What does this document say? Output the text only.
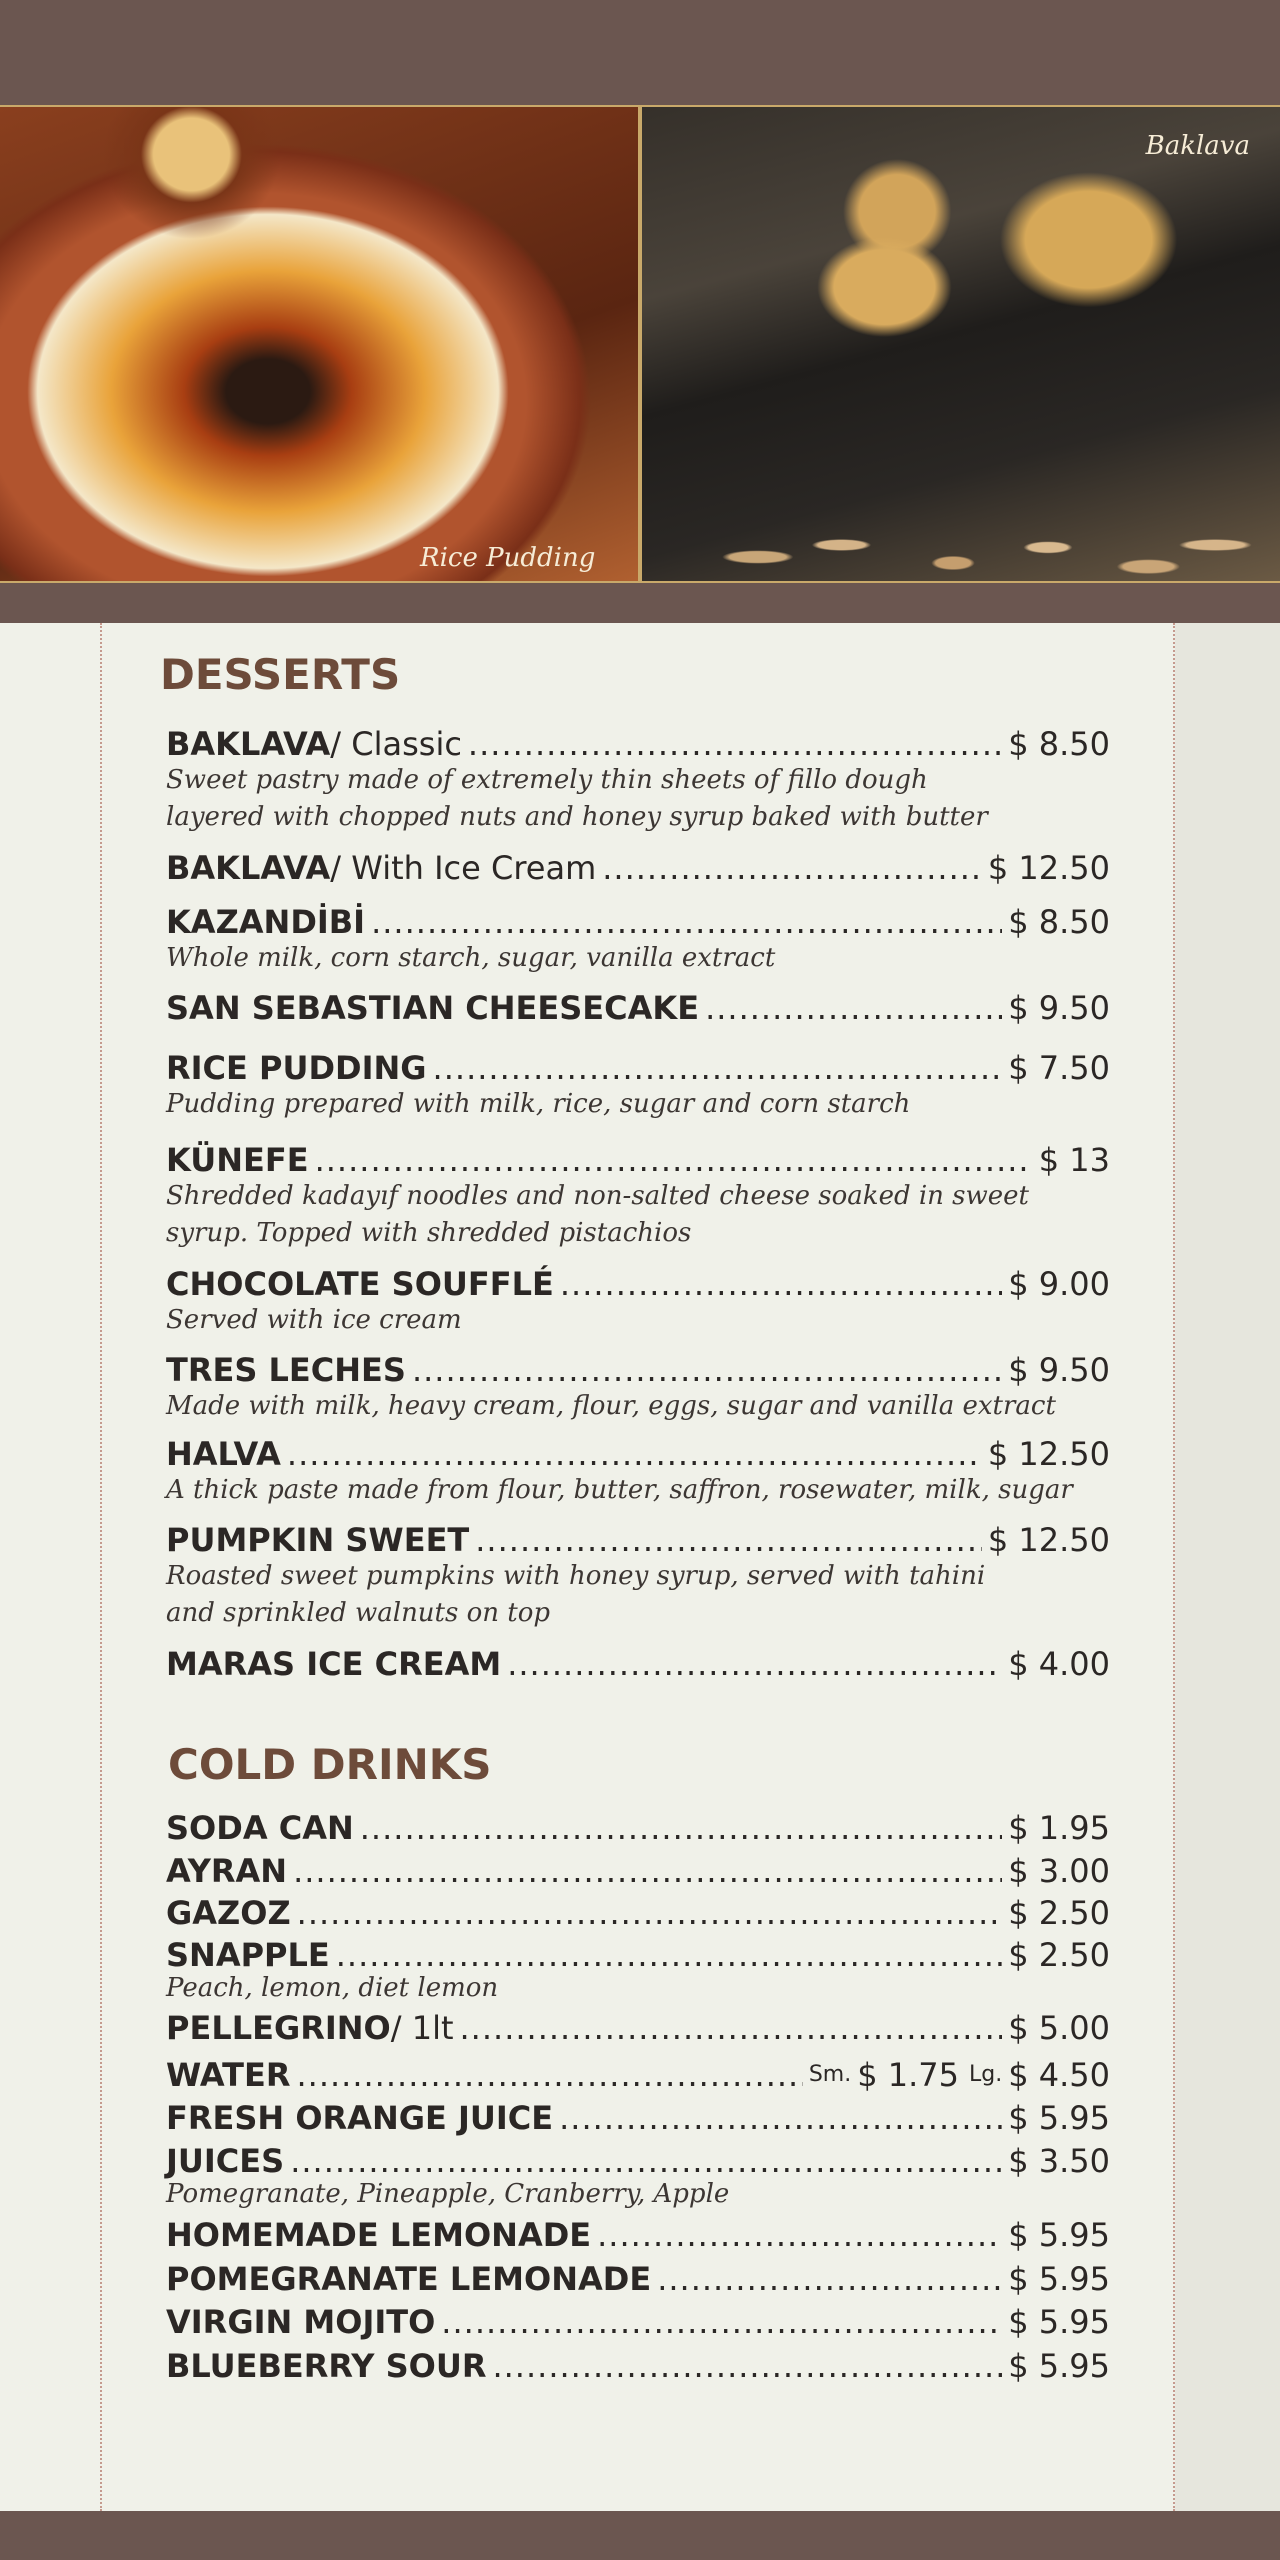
Rice Pudding
Baklava
DESSERTS
BAKLAVA / Classic .....	$ 8.50
Sweet pastry made of extremely thin sheets of fillo dough
layered with chopped nuts and honey syrup baked with butter
BAKLAVA / With Ice Cream .....	$ 12.50
KAZANDİBİ .....	$ 8.50
Whole milk, corn starch, sugar, vanilla extract
SAN SEBASTIAN CHEESECAKE .....	$ 9.50
RICE PUDDING .....	$ 7.50
Pudding prepared with milk, rice, sugar and corn starch
KÜNEFE .....	$ 13
Shredded kadayıf noodles and non-salted cheese soaked in sweet
syrup. Topped with shredded pistachios
CHOCOLATE SOUFFLÉ .....	$ 9.00
Served with ice cream
TRES LECHES .....	$ 9.50
Made with milk, heavy cream, flour, eggs, sugar and vanilla extract
HALVA .....	$ 12.50
A thick paste made from flour, butter, saffron, rosewater, milk, sugar
PUMPKIN SWEET .....	$ 12.50
Roasted sweet pumpkins with honey syrup, served with tahini
and sprinkled walnuts on top
MARAS ICE CREAM .....	$ 4.00
COLD DRINKS
SODA CAN .....	$ 1.95
AYRAN .....	$ 3.00
GAZOZ .....	$ 2.50
SNAPPLE .....	$ 2.50
Peach, lemon, diet lemon
PELLEGRINO / 1lt .....	$ 5.00
WATER .....	Sm. $ 1.75 Lg. $ 4.50
FRESH ORANGE JUICE .....	$ 5.95
JUICES .....	$ 3.50
Pomegranate, Pineapple, Cranberry, Apple
HOMEMADE LEMONADE .....	$ 5.95
POMEGRANATE LEMONADE .....	$ 5.95
VIRGIN MOJITO .....	$ 5.95
BLUEBERRY SOUR .....	$ 5.95
